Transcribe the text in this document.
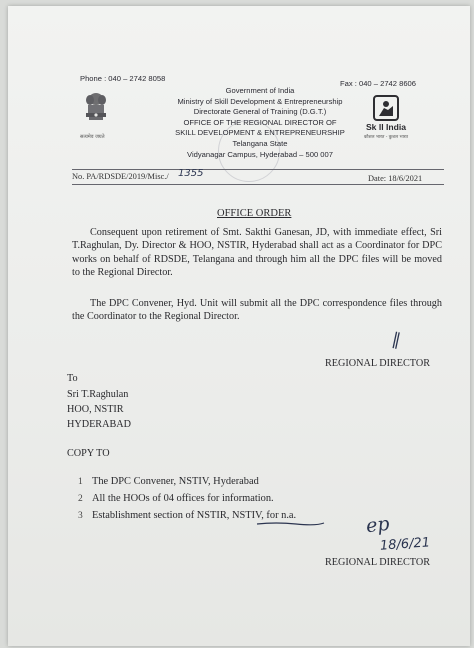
Phone : 040 – 2742 8058
Fax : 040 – 2742 8606
Government of India
Ministry of Skill Development & Entrepreneurship
Directorate General of Training (D.G.T.)
OFFICE OF THE REGIONAL DIRECTOR OF
SKILL DEVELOPMENT & ENTREPRENEURSHIP
Telangana State
Vidyanagar Campus, Hyderabad – 500 007
सत्यमेव जयते
Sk ll India
कौशल भारत - कुशल भारत
No. PA/RDSDE/2019/Misc./ 1355	Date: 18/6/2021
OFFICE ORDER

Consequent upon retirement of Smt. Sakthi Ganesan, JD, with immediate effect, Sri T.Raghulan, Dy. Director & HOO, NSTIR, Hyderabad shall act as a Coordinator for DPC works on behalf of RDSDE, Telangana and through him all the DPC files will be moved to the Regional Director.

The DPC Convener, Hyd. Unit will submit all the DPC correspondence files through the Coordinator to the Regional Director.

∥
REGIONAL DIRECTOR
To
Sri T.Raghulan
HOO, NSTIR
HYDERABAD
COPY TO
1 The DPC Convener, NSTIV, Hyderabad
2 All the HOOs of 04 offices for information.
3 Establishment section of NSTIR, NSTIV, for n.a.	ep
18/6/21
REGIONAL DIRECTOR
